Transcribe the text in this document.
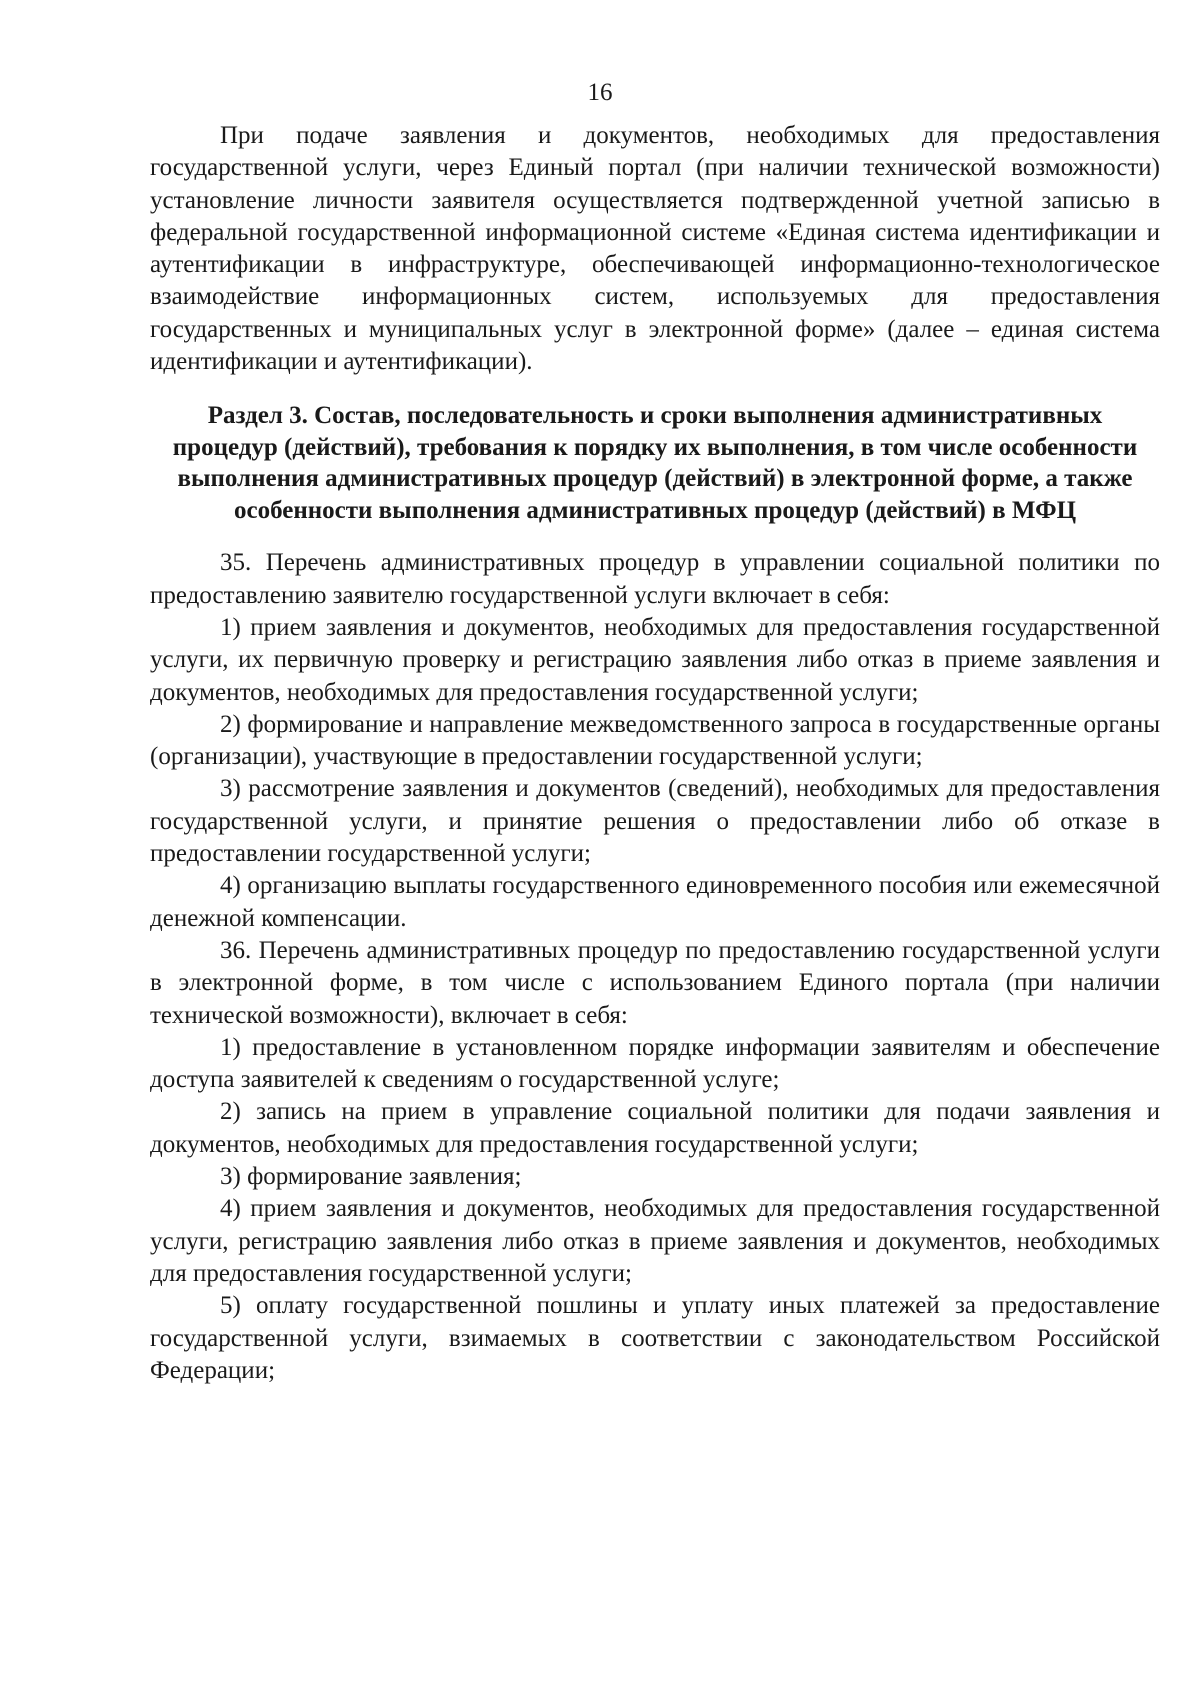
16

При подаче заявления и документов, необходимых для предоставления государственной услуги, через Единый портал (при наличии технической возможности) установление личности заявителя осуществляется подтвержденной учетной записью в федеральной государственной информационной системе «Единая система идентификации и аутентификации в инфраструктуре, обеспечивающей информационно-технологическое взаимодействие информационных систем, используемых для предоставления государственных и муниципальных услуг в электронной форме» (далее – единая система идентификации и аутентификации).

Раздел 3. Состав, последовательность и сроки выполнения административных процедур (действий), требования к порядку их выполнения, в том числе особенности выполнения административных процедур (действий) в электронной форме, а также особенности выполнения административных процедур (действий) в МФЦ

35. Перечень административных процедур в управлении социальной политики по предоставлению заявителю государственной услуги включает в себя:

1) прием заявления и документов, необходимых для предоставления государственной услуги, их первичную проверку и регистрацию заявления либо отказ в приеме заявления и документов, необходимых для предоставления государственной услуги;

2) формирование и направление межведомственного запроса в государственные органы (организации), участвующие в предоставлении государственной услуги;

3) рассмотрение заявления и документов (сведений), необходимых для предоставления государственной услуги, и принятие решения о предоставлении либо об отказе в предоставлении государственной услуги;

4) организацию выплаты государственного единовременного пособия или ежемесячной денежной компенсации.

36. Перечень административных процедур по предоставлению государственной услуги в электронной форме, в том числе с использованием Единого портала (при наличии технической возможности), включает в себя:

1) предоставление в установленном порядке информации заявителям и обеспечение доступа заявителей к сведениям о государственной услуге;

2) запись на прием в управление социальной политики для подачи заявления и документов, необходимых для предоставления государственной услуги;

3) формирование заявления;

4) прием заявления и документов, необходимых для предоставления государственной услуги, регистрацию заявления либо отказ в приеме заявления и документов, необходимых для предоставления государственной услуги;

5) оплату государственной пошлины и уплату иных платежей за предоставление государственной услуги, взимаемых в соответствии с законодательством Российской Федерации;
